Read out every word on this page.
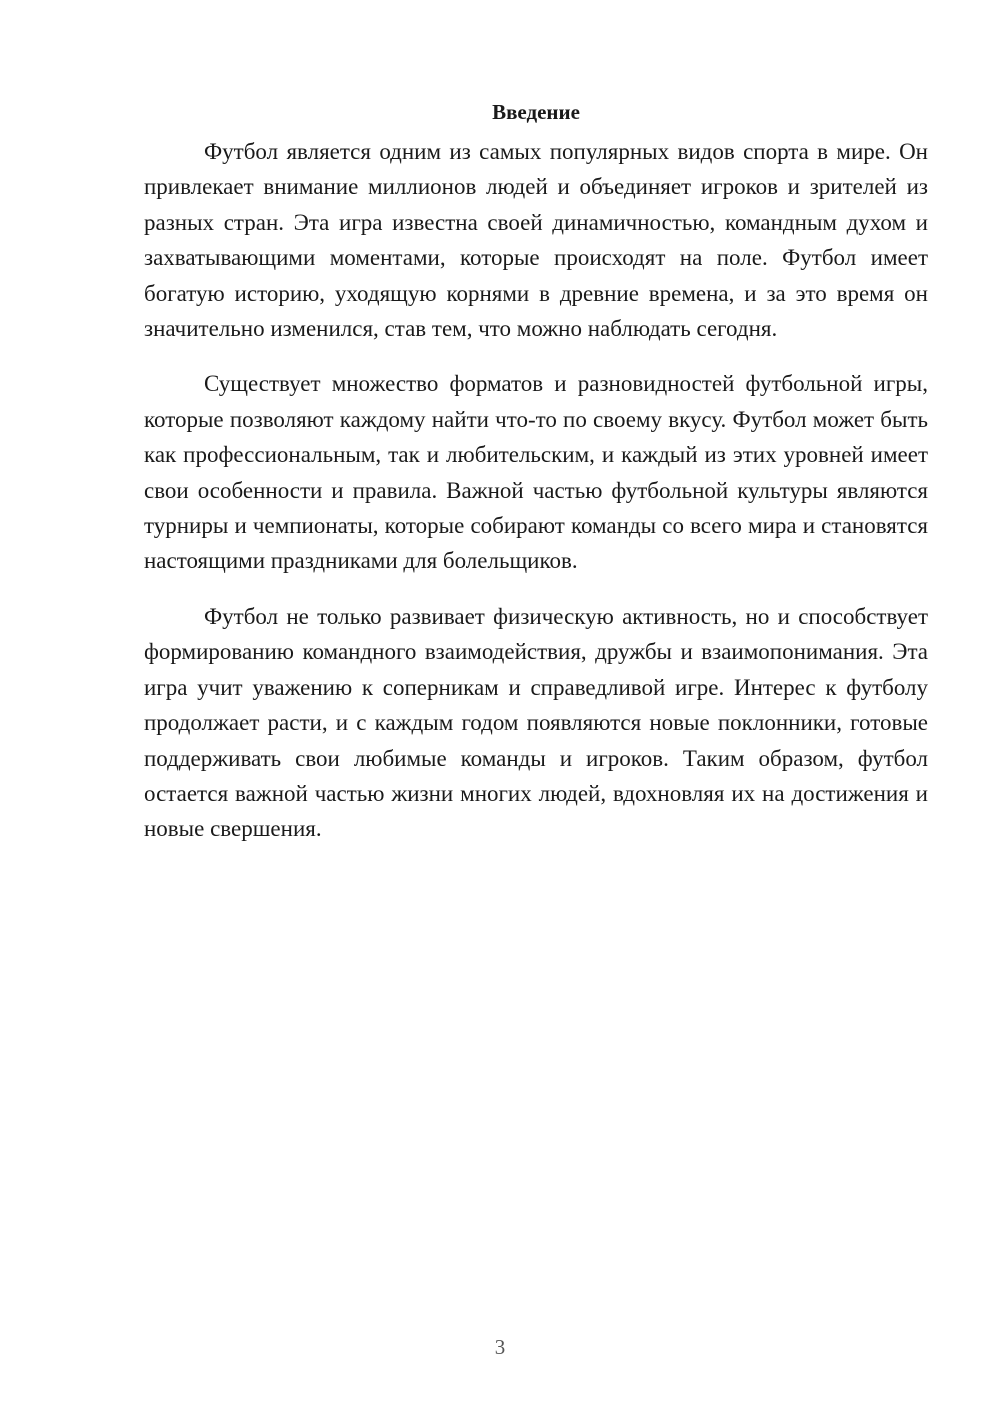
Введение

Футбол является одним из самых популярных видов спорта в мире. Он привлекает внимание миллионов людей и объединяет игроков и зрителей из разных стран. Эта игра известна своей динамичностью, командным духом и захватывающими моментами, которые происходят на поле. Футбол имеет богатую историю, уходящую корнями в древние времена, и за это время он значительно изменился, став тем, что можно наблюдать сегодня.

Существует множество форматов и разновидностей футбольной игры, которые позволяют каждому найти что-то по своему вкусу. Футбол может быть как профессиональным, так и любительским, и каждый из этих уровней имеет свои особенности и правила. Важной частью футбольной культуры являются турниры и чемпионаты, которые собирают команды со всего мира и становятся настоящими праздниками для болельщиков.

Футбол не только развивает физическую активность, но и способствует формированию командного взаимодействия, дружбы и взаимопонимания. Эта игра учит уважению к соперникам и справедливой игре. Интерес к футболу продолжает расти, и с каждым годом появляются новые поклонники, готовые поддерживать свои любимые команды и игроков. Таким образом, футбол остается важной частью жизни многих людей, вдохновляя их на достижения и новые свершения.

3
